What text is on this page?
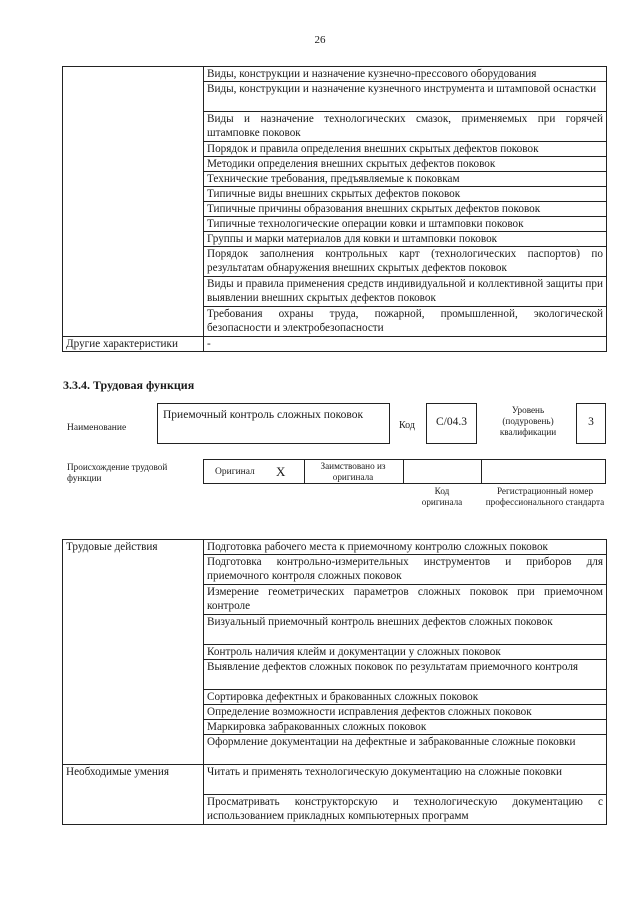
26
	Виды, конструкции и назначение кузнечно-прессового оборудования
	Виды, конструкции и назначение кузнечного инструмента и штамповой оснастки
	Виды и назначение технологических смазок, применяемых при горячей штамповке поковок
	Порядок и правила определения внешних скрытых дефектов поковок
	Методики определения внешних скрытых дефектов поковок
	Технические требования, предъявляемые к поковкам
	Типичные виды внешних скрытых дефектов поковок
	Типичные причины образования внешних скрытых дефектов поковок
	Типичные технологические операции ковки и штамповки поковок
	Группы и марки материалов для ковки и штамповки поковок
	Порядок заполнения контрольных карт (технологических паспортов) по результатам обнаружения внешних скрытых дефектов поковок
	Виды и правила применения средств индивидуальной и коллективной защиты при выявлении внешних скрытых дефектов поковок
	Требования охраны труда, пожарной, промышленной, экологической безопасности и электробезопасности
Другие характеристики	-
3.3.4. Трудовая функция
Наименование
Приемочный контроль сложных поковок
Код	C/04.3
Уровень (подуровень) квалификации
3
Происхождение трудовой функции
Оригинал X	Заимствовано из оригинала
Код оригинала
Регистрационный номер профессионального стандарта
Трудовые действия	Подготовка рабочего места к приемочному контролю сложных поковок
	Подготовка контрольно-измерительных инструментов и приборов для приемочного контроля сложных поковок
	Измерение геометрических параметров сложных поковок при приемочном контроле
	Визуальный приемочный контроль внешних дефектов сложных поковок
	Контроль наличия клейм и документации у сложных поковок
	Выявление дефектов сложных поковок по результатам приемочного контроля
	Сортировка дефектных и бракованных сложных поковок
	Определение возможности исправления дефектов сложных поковок
	Маркировка забракованных сложных поковок
	Оформление документации на дефектные и забракованные сложные поковки
Необходимые умения	Читать и применять технологическую документацию на сложные поковки
	Просматривать конструкторскую и технологическую документацию с использованием прикладных компьютерных программ
